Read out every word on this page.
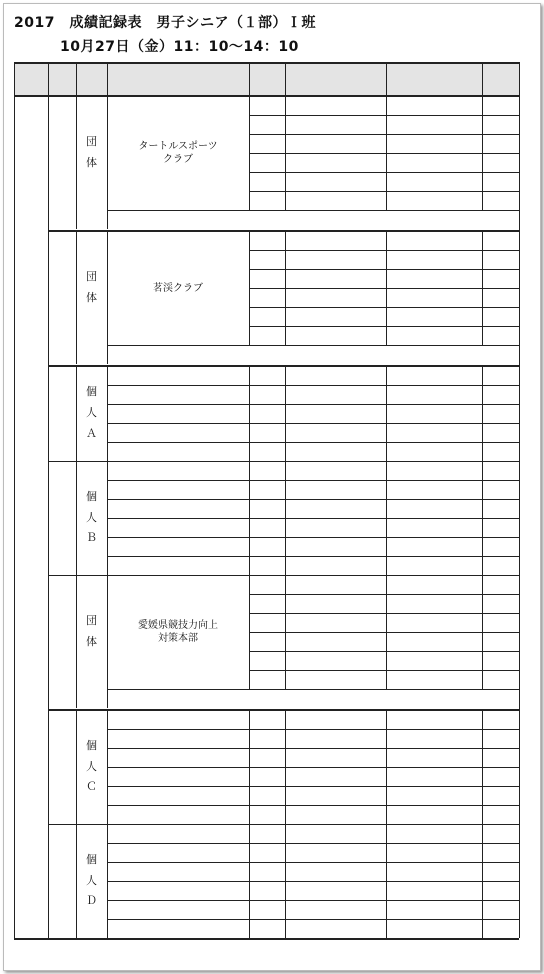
2017　成績記録表　男子シニア（１部）Ｉ班
10月27日（金）11：10〜14：10
団
体
タートルスポーツ
クラブ
団
体
茗渓クラブ
個
人
Ａ
個
人
Ｂ
団
体
愛媛県競技力向上
対策本部
個
人
Ｃ
個
人
Ｄ
